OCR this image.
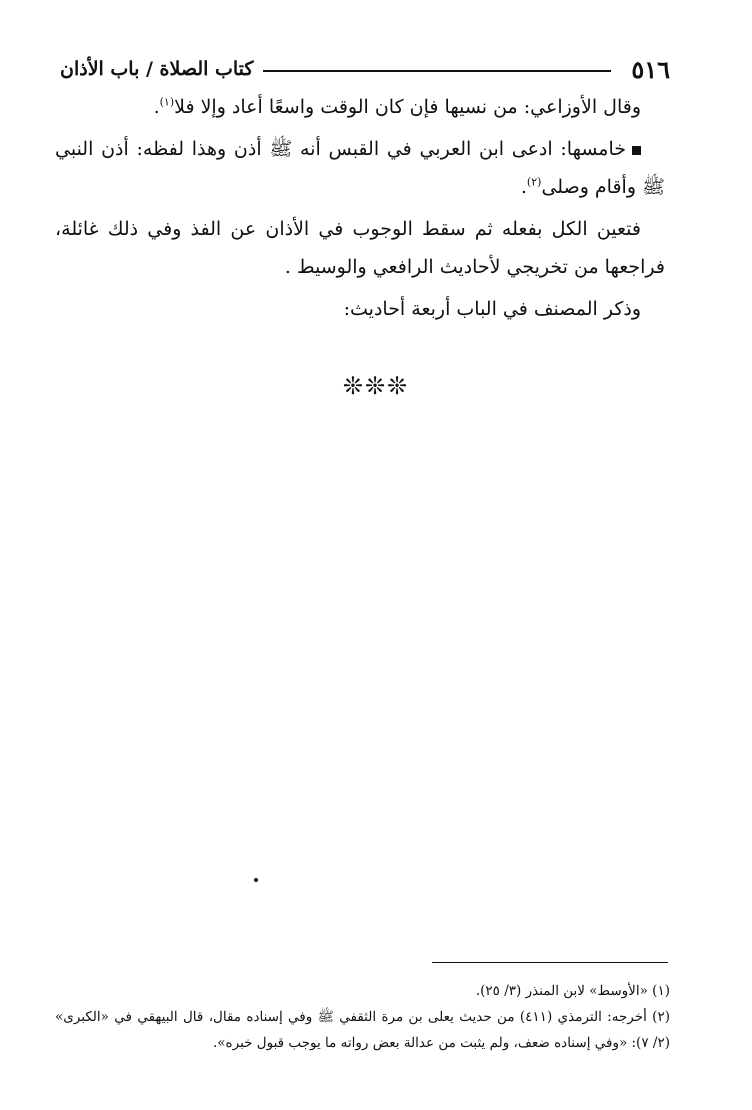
٥١٦
كتاب الصلاة / باب الأذان

وقال الأوزاعي: من نسيها فإن كان الوقت واسعًا أعاد وإلا فلا$^{(١)}$.

خامسها: ادعى ابن العربي في القبس أنه ﷺ أذن وهذا لفظه: أذن النبي ﷺ وأقام وصلى$^{(٢)}$.

فتعين الكل بفعله ثم سقط الوجوب في الأذان عن الفذ وفي ذلك غائلة، فراجعها من تخريجي لأحاديث الرافعي والوسيط .

وذكر المصنف في الباب أربعة أحاديث:

❊❊❊

(١) «الأوسط» لابن المنذر (٣/ ٢٥).

(٢) أخرجه: الترمذي (٤١١) من حديث يعلى بن مرة الثقفي ﷺ وفي إسناده مقال، قال البيهقي في «الكبرى» (٢/ ٧): «وفي إسناده ضعف، ولم يثبت من عدالة بعض رواته ما يوجب قبول خبره».
